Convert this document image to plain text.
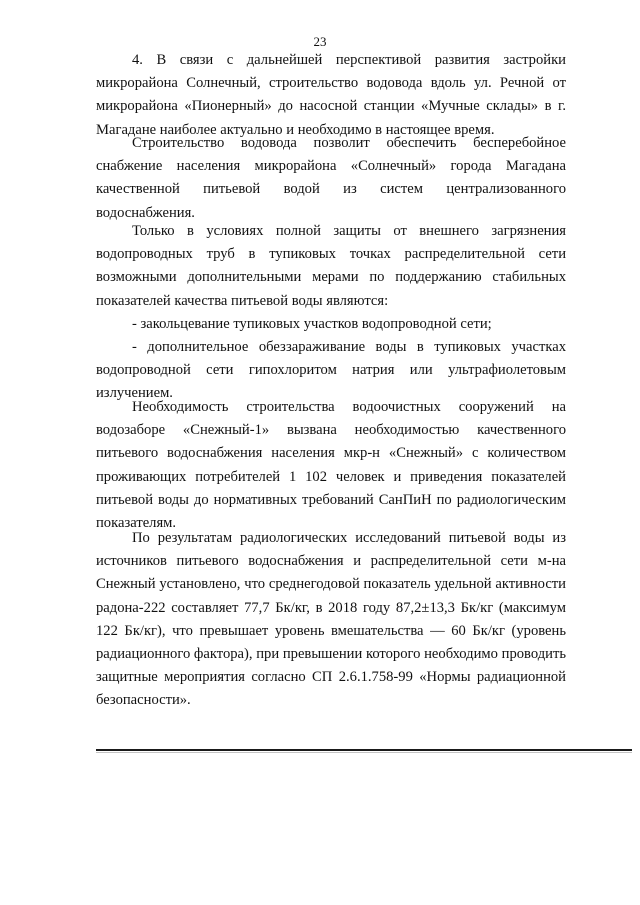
23

4. В связи с дальнейшей перспективой развития застройки микрорайона Солнечный, строительство водовода вдоль ул. Речной от микрорайона «Пионерный» до насосной станции «Мучные склады» в г. Магадане наиболее актуально и необходимо в настоящее время.

Строительство водовода позволит обеспечить бесперебойное снабжение населения микрорайона «Солнечный» города Магадана качественной питьевой водой из систем централизованного водоснабжения.

Только в условиях полной защиты от внешнего загрязнения водопроводных труб в тупиковых точках распределительной сети возможными дополнительными мерами по поддержанию стабильных показателей качества питьевой воды являются:

- закольцевание тупиковых участков водопроводной сети;

- дополнительное обеззараживание воды в тупиковых участках водопроводной сети гипохлоритом натрия или ультрафиолетовым излучением.

Необходимость строительства водоочистных сооружений на водозаборе «Снежный-1» вызвана необходимостью качественного питьевого водоснабжения населения мкр-н «Снежный» с количеством проживающих потребителей 1 102 человек и приведения показателей питьевой воды до нормативных требований СанПиН по радиологическим показателям.

По результатам радиологических исследований питьевой воды из источников питьевого водоснабжения и распределительной сети м-на Снежный установлено, что среднегодовой показатель удельной активности радона-222 составляет 77,7 Бк/кг, в 2018 году 87,2±13,3 Бк/кг (максимум 122 Бк/кг), что превышает уровень вмешательства — 60 Бк/кг (уровень радиационного фактора), при превышении которого необходимо проводить защитные мероприятия согласно СП 2.6.1.758-99 «Нормы радиационной безопасности».
